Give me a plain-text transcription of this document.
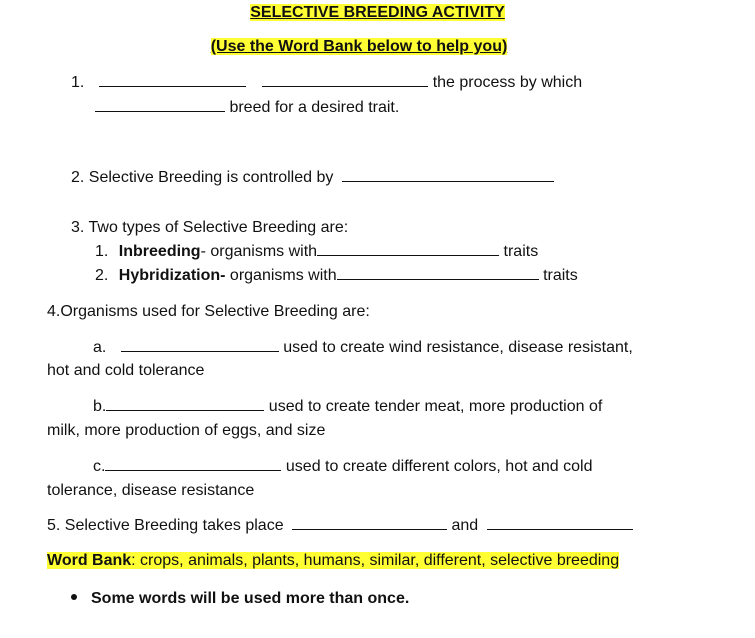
SELECTIVE BREEDING ACTIVITY
(Use the Word Bank below to help you)
1.	the process by which
breed for a desired trait.
2. Selective Breeding is controlled by
3. Two types of Selective Breeding are:
1. Inbreeding- organisms with	traits
2. Hybridization- organisms with	traits
4.Organisms used for Selective Breeding are:
a.	used to create wind resistance, disease resistant,
hot and cold tolerance
b.	used to create tender meat, more production of
milk, more production of eggs, and size
c.	used to create different colors, hot and cold
tolerance, disease resistance
5. Selective Breeding takes place	and
Word Bank: crops, animals, plants, humans, similar, different, selective breeding
Some words will be used more than once.
